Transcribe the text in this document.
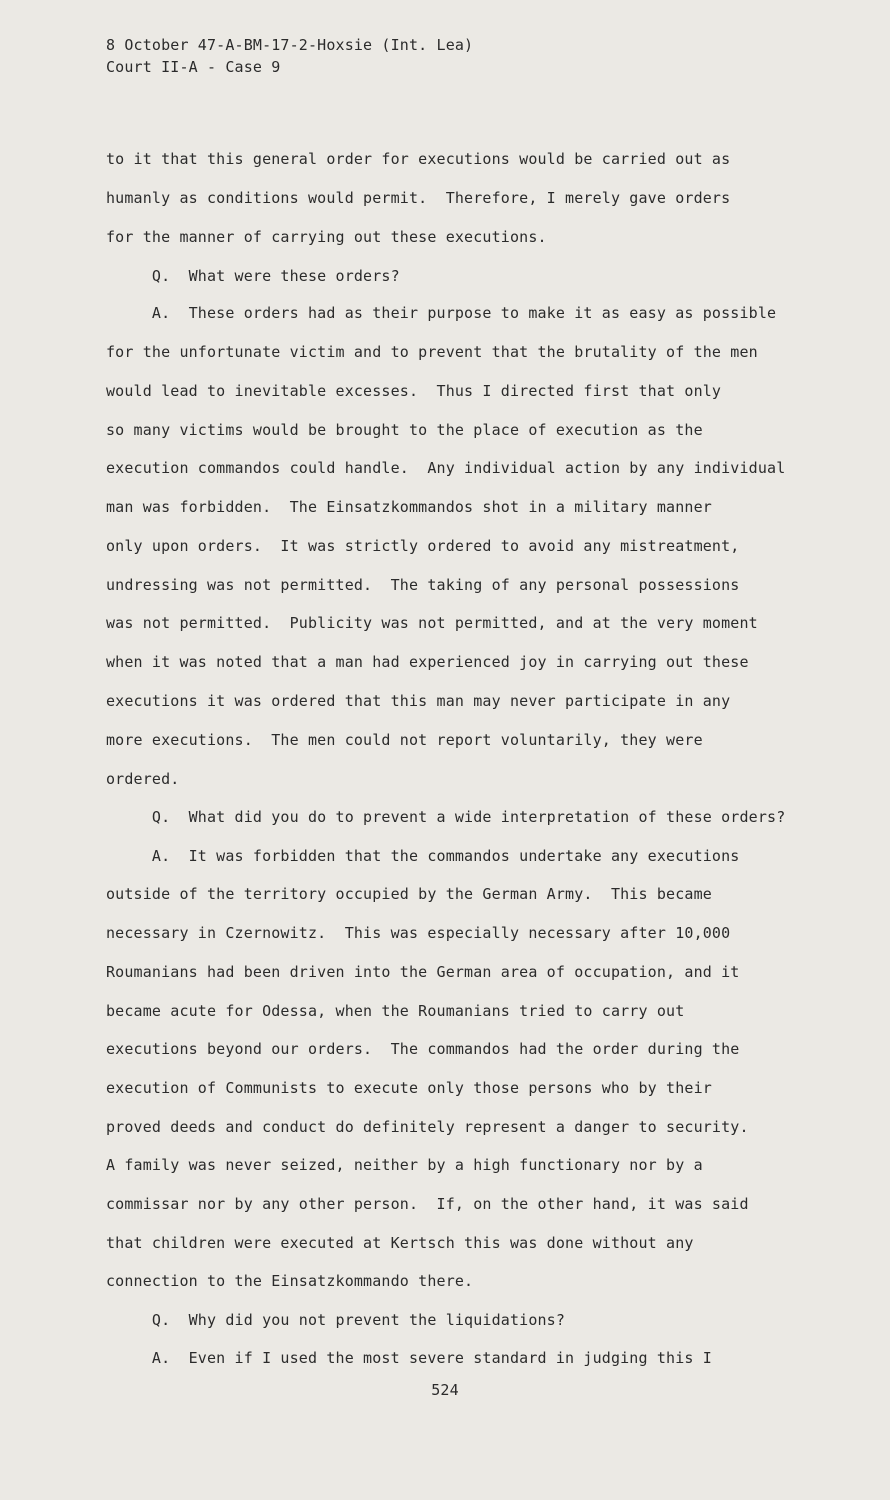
8 October 47-A-BM-17-2-Hoxsie (Int. Lea)
Court II-A - Case 9
to it that this general order for executions would be carried out as
humanly as conditions would permit.  Therefore, I merely gave orders
for the manner of carrying out these executions.
Q.  What were these orders?
A.  These orders had as their purpose to make it as easy as possible
for the unfortunate victim and to prevent that the brutality of the men
would lead to inevitable excesses.  Thus I directed first that only
so many victims would be brought to the place of execution as the
execution commandos could handle.  Any individual action by any individual
man was forbidden.  The Einsatzkommandos shot in a military manner
only upon orders.  It was strictly ordered to avoid any mistreatment,
undressing was not permitted.  The taking of any personal possessions
was not permitted.  Publicity was not permitted, and at the very moment
when it was noted that a man had experienced joy in carrying out these
executions it was ordered that this man may never participate in any
more executions.  The men could not report voluntarily, they were
ordered.
Q.  What did you do to prevent a wide interpretation of these orders?
A.  It was forbidden that the commandos undertake any executions
outside of the territory occupied by the German Army.  This became
necessary in Czernowitz.  This was especially necessary after 10,000
Roumanians had been driven into the German area of occupation, and it
became acute for Odessa, when the Roumanians tried to carry out
executions beyond our orders.  The commandos had the order during the
execution of Communists to execute only those persons who by their
proved deeds and conduct do definitely represent a danger to security.
A family was never seized, neither by a high functionary nor by a
commissar nor by any other person.  If, on the other hand, it was said
that children were executed at Kertsch this was done without any
connection to the Einsatzkommando there.
Q.  Why did you not prevent the liquidations?
A.  Even if I used the most severe standard in judging this I
524
